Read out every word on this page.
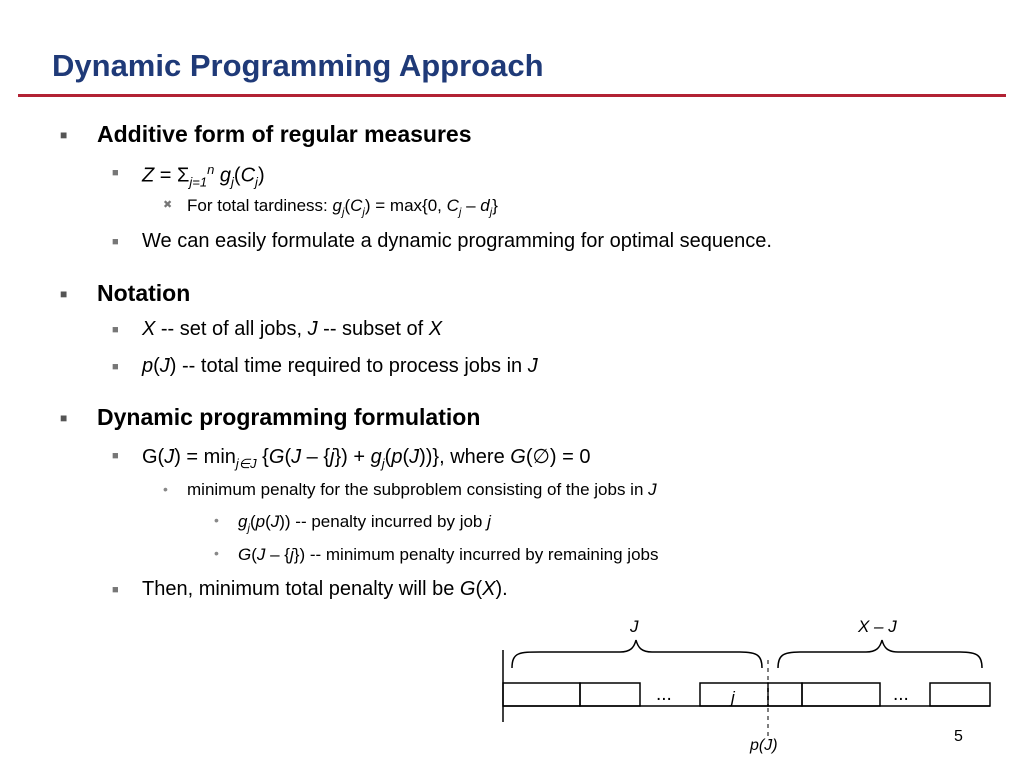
Dynamic Programming Approach
■ Additive form of regular measures
■ $Z = \Sigma_{j=1}^n$ $g_j(C_j)$
✖ For total tardiness: $g_j(C_j) = \max\{0$, $C_j - d_j$}
■ We can easily formulate a dynamic programming for optimal sequence.
■ Notation
■ X -- set of all jobs, J -- subset of X
■ p(J) -- total time required to process jobs in J
■ Dynamic programming formulation
■ $G(J) = \min_{j\in J} \{G(J - \{j\}) + g_j(p(J))\}$, where G(∅) = 0
• minimum penalty for the subproblem consisting of the jobs in J
• $g_j(p(J))$ -- penalty incurred by job j
• G(J – {j}) -- minimum penalty incurred by remaining jobs
■ Then, minimum total penalty will be G(X).
J	X – J
...	...
j
p(J)
5
